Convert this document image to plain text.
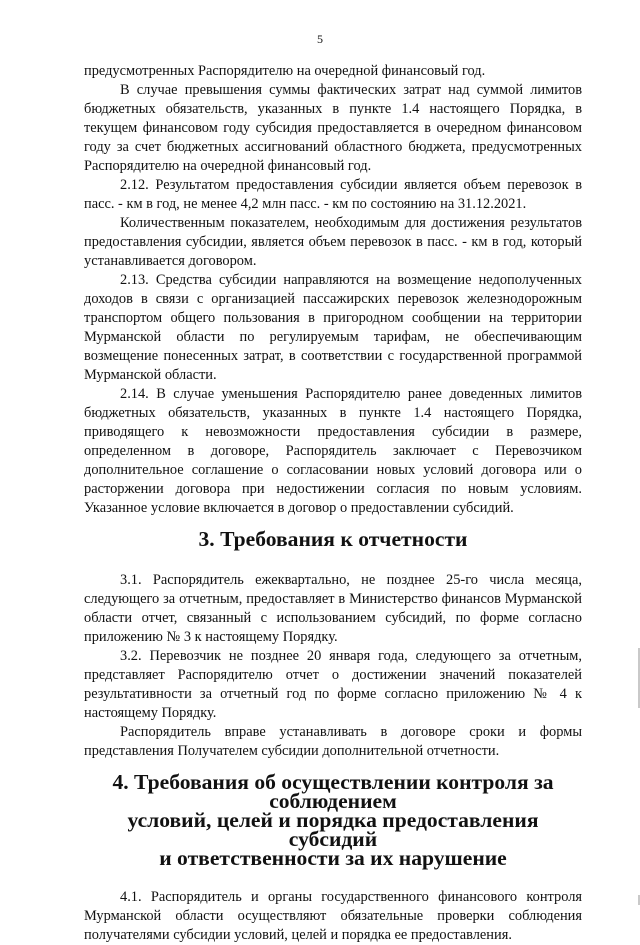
5

предусмотренных Распорядителю на очередной финансовый год.

В случае превышения суммы фактических затрат над суммой лимитов бюджетных обязательств, указанных в пункте 1.4 настоящего Порядка, в текущем финансовом году субсидия предоставляется в очередном финансовом году за счет бюджетных ассигнований областного бюджета, предусмотренных Распорядителю на очередной финансовый год.

2.12. Результатом предоставления субсидии является объем перевозок в пасс. - км в год, не менее 4,2 млн пасс. - км по состоянию на 31.12.2021.

Количественным показателем, необходимым для достижения результатов предоставления субсидии, является объем перевозок в пасс. - км в год, который устанавливается договором.

2.13. Средства субсидии направляются на возмещение недополученных доходов в связи с организацией пассажирских перевозок железнодорожным транспортом общего пользования в пригородном сообщении на территории Мурманской области по регулируемым тарифам, не обеспечивающим возмещение понесенных затрат, в соответствии с государственной программой Мурманской области.

2.14. В случае уменьшения Распорядителю ранее доведенных лимитов бюджетных обязательств, указанных в пункте 1.4 настоящего Порядка, приводящего к невозможности предоставления субсидии в размере, определенном в договоре, Распорядитель заключает с Перевозчиком дополнительное соглашение о согласовании новых условий договора или о расторжении договора при недостижении согласия по новым условиям. Указанное условие включается в договор о предоставлении субсидий.

3. Требования к отчетности

3.1. Распорядитель ежеквартально, не позднее 25-го числа месяца, следующего за отчетным, предоставляет в Министерство финансов Мурманской области отчет, связанный с использованием субсидий, по форме согласно приложению № 3 к настоящему Порядку.

3.2. Перевозчик не позднее 20 января года, следующего за отчетным, представляет Распорядителю отчет о достижении значений показателей результативности за отчетный год по форме согласно приложению № 4 к настоящему Порядку.

Распорядитель вправе устанавливать в договоре сроки и формы представления Получателем субсидии дополнительной отчетности.

4. Требования об осуществлении контроля за соблюдением
условий, целей и порядка предоставления субсидий
и ответственности за их нарушение

4.1. Распорядитель и органы государственного финансового контроля Мурманской области осуществляют обязательные проверки соблюдения получателями субсидии условий, целей и порядка ее предоставления.
